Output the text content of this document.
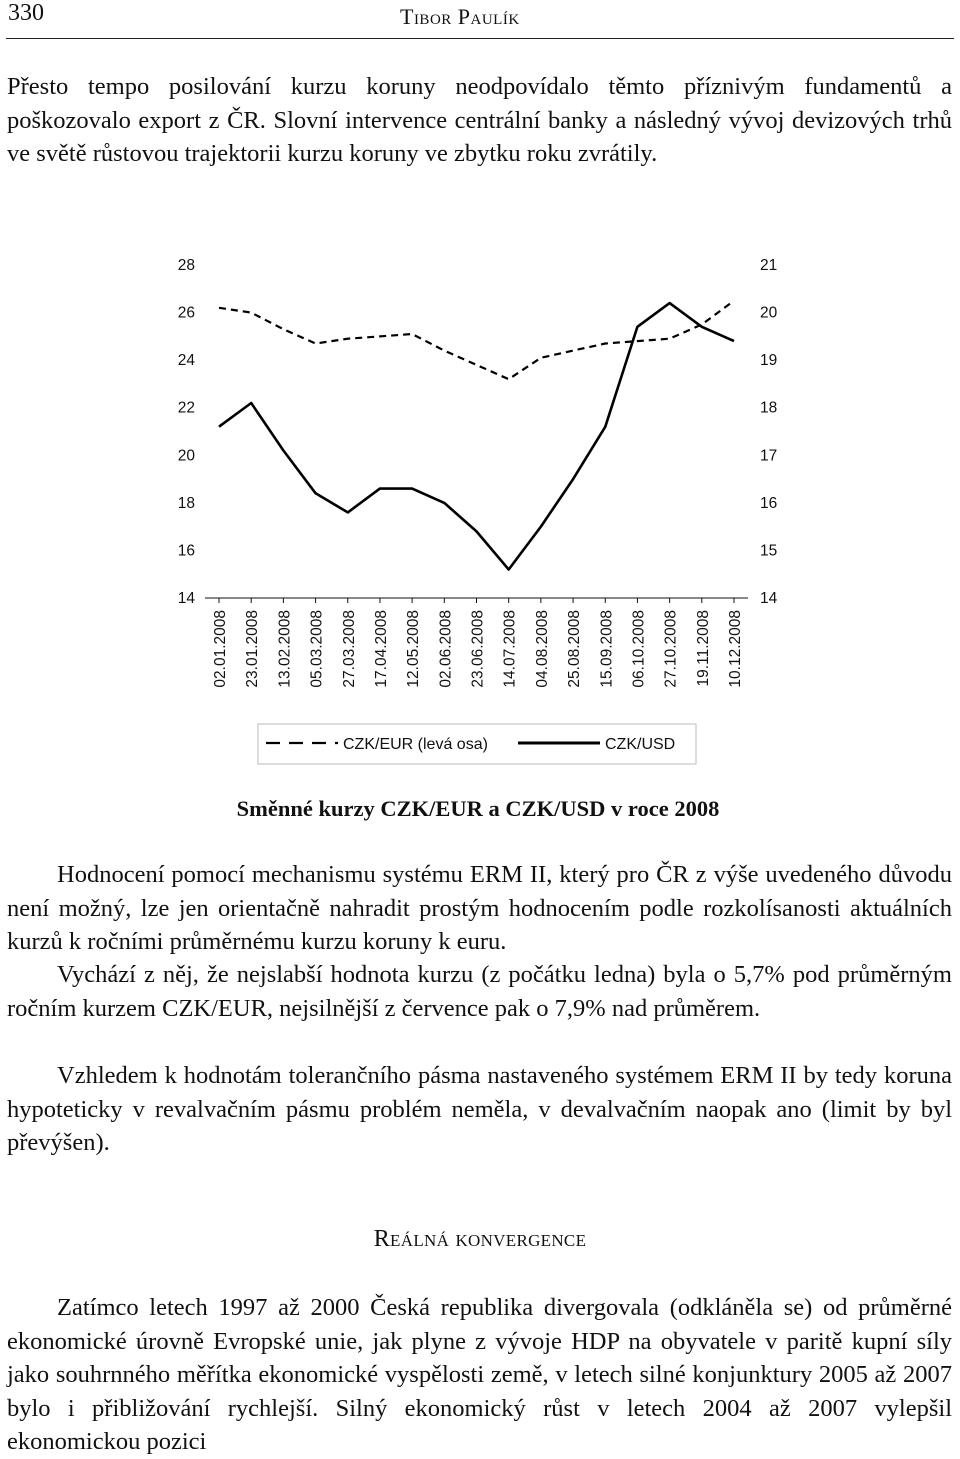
330	Tibor Paulík

Přesto tempo posilování kurzu koruny neodpovídalo těmto příznivým fundamentů a poškozovalo export z ČR. Slovní intervence centrální banky a následný vývoj devizových trhů ve světě růstovou trajektorii kurzu koruny ve zbytku roku zvrátily.

28
26
24
22
20
18
16
14
21
20
19
18
17
16
15
14
02.01.2008 23.01.2008 13.02.2008 05.03.2008 27.03.2008 17.04.2008 12.05.2008 02.06.2008 23.06.2008 14.07.2008 04.08.2008 25.08.2008 15.09.2008 06.10.2008 27.10.2008 19.11.2008 10.12.2008
CZK/EUR (levá osa)	CZK/USD
Směnné kurzy CZK/EUR a CZK/USD v roce 2008

Hodnocení pomocí mechanismu systému ERM II, který pro ČR z výše uvedeného důvodu není možný, lze jen orientačně nahradit prostým hodnocením podle rozkolísanosti aktuálních kurzů k ročními průměrnému kurzu koruny k euru.

Vychází z něj, že nejslabší hodnota kurzu (z počátku ledna) byla o 5,7% pod průměrným ročním kurzem CZK/EUR, nejsilnější z července pak o 7,9% nad průměrem.

Vzhledem k hodnotám tolerančního pásma nastaveného systémem ERM II by tedy koruna hypoteticky v revalvačním pásmu problém neměla, v devalvačním naopak ano (limit by byl převýšen).

Reálná konvergence

Zatímco letech 1997 až 2000 Česká republika divergovala (odkláněla se) od průměrné ekonomické úrovně Evropské unie, jak plyne z vývoje HDP na obyvatele v paritě kupní síly jako souhrnného měřítka ekonomické vyspělosti země, v letech silné konjunktury 2005 až 2007 bylo i přibližování rychlejší. Silný ekonomický růst v letech 2004 až 2007 vylepšil ekonomickou pozici
